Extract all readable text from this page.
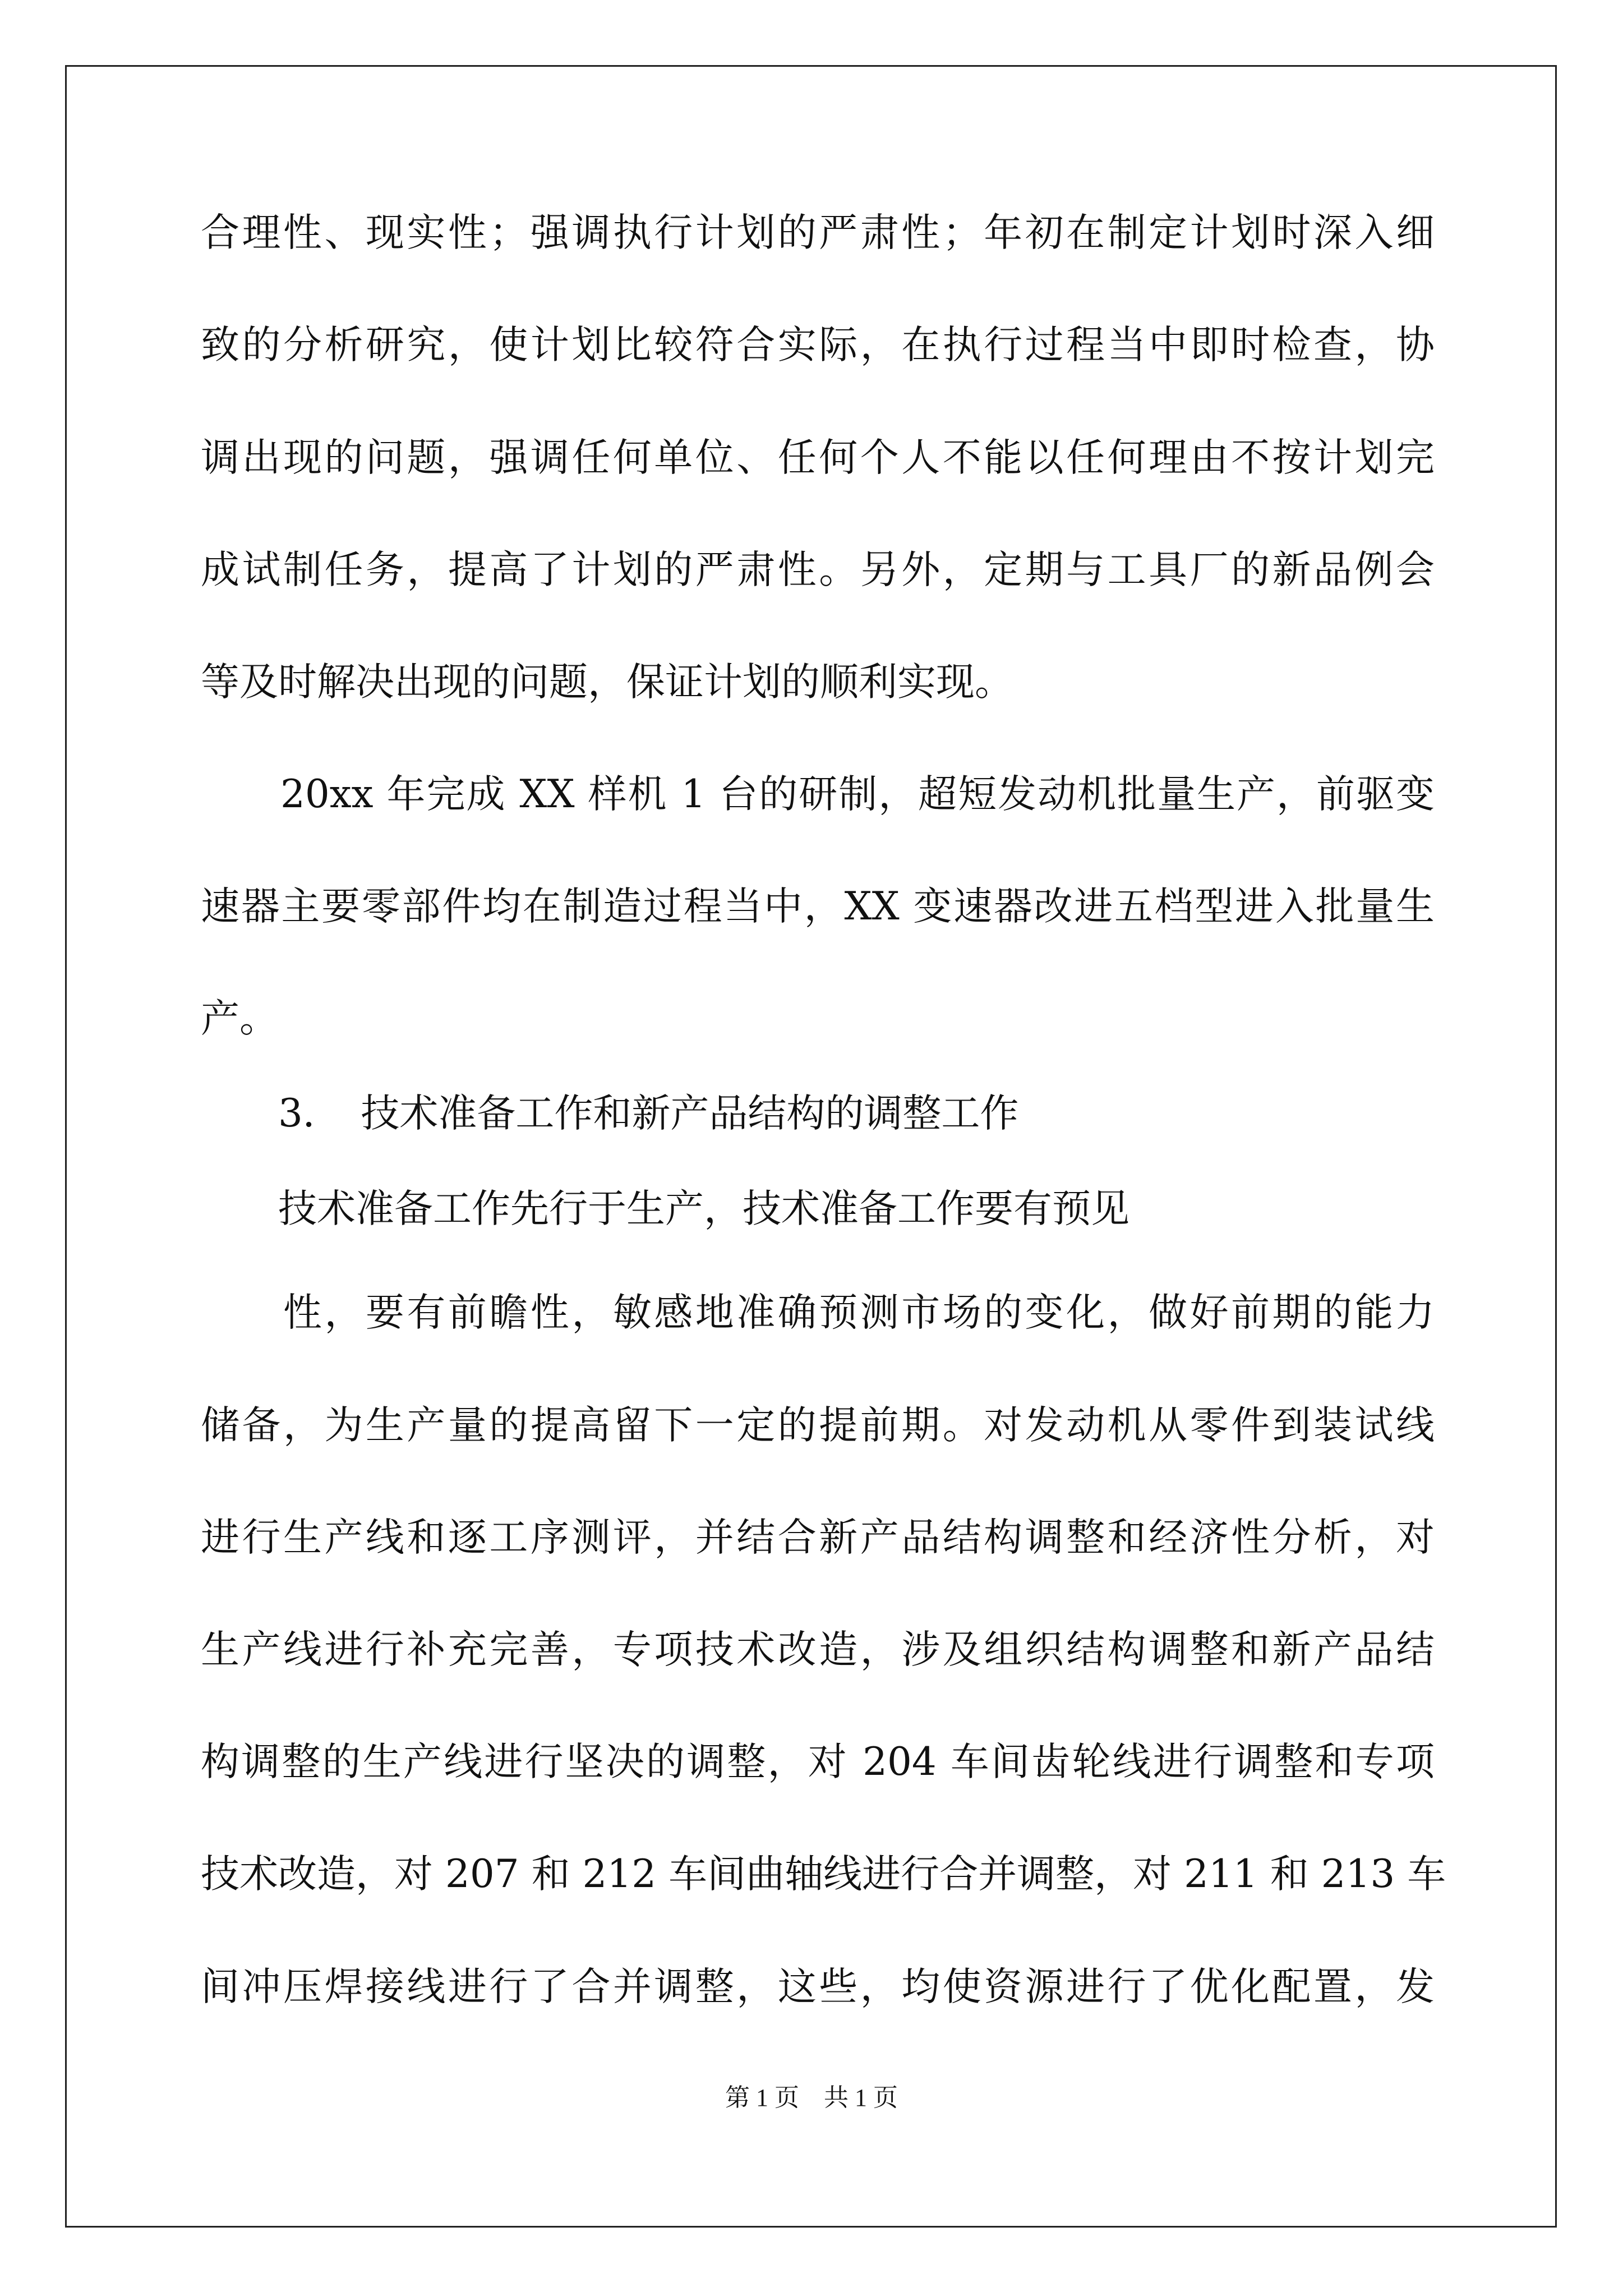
合理性、现实性；强调执行计划的严肃性；年初在制定计划时深入细
致的分析研究，使计划比较符合实际，在执行过程当中即时检查，协
调出现的问题，强调任何单位、任何个人不能以任何理由不按计划完
成试制任务，提高了计划的严肃性。另外，定期与工具厂的新品例会
等及时解决出现的问题，保证计划的顺利实现。
　　20xx 年完成 XX 样机 1 台的研制，超短发动机批量生产，前驱变
速器主要零部件均在制造过程当中，XX 变速器改进五档型进入批量生
产。
　　3．　技术准备工作和新产品结构的调整工作
　　技术准备工作先行于生产，技术准备工作要有预见
　　性，要有前瞻性，敏感地准确预测市场的变化，做好前期的能力
储备，为生产量的提高留下一定的提前期。对发动机从零件到装试线
进行生产线和逐工序测评，并结合新产品结构调整和经济性分析，对
生产线进行补充完善，专项技术改造，涉及组织结构调整和新产品结
构调整的生产线进行坚决的调整，对 204 车间齿轮线进行调整和专项
技术改造，对 207 和 212 车间曲轴线进行合并调整，对 211 和 213 车
间冲压焊接线进行了合并调整，这些，均使资源进行了优化配置，发
第 1 页　共 1 页
